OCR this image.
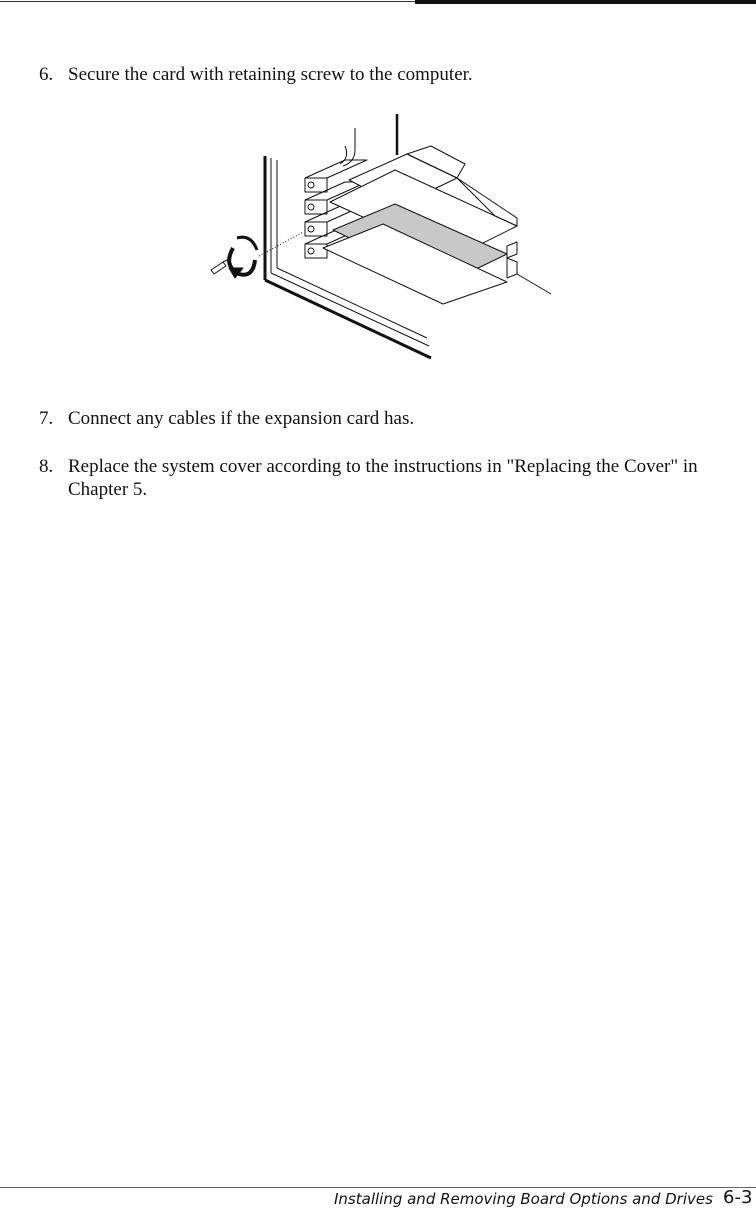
6. Secure the card with retaining screw to the computer.
7. Connect any cables if the expansion card has.
8. Replace the system cover according to the instructions in "Replacing the Cover" in Chapter 5.
Installing and Removing Board Options and Drives 6-3
